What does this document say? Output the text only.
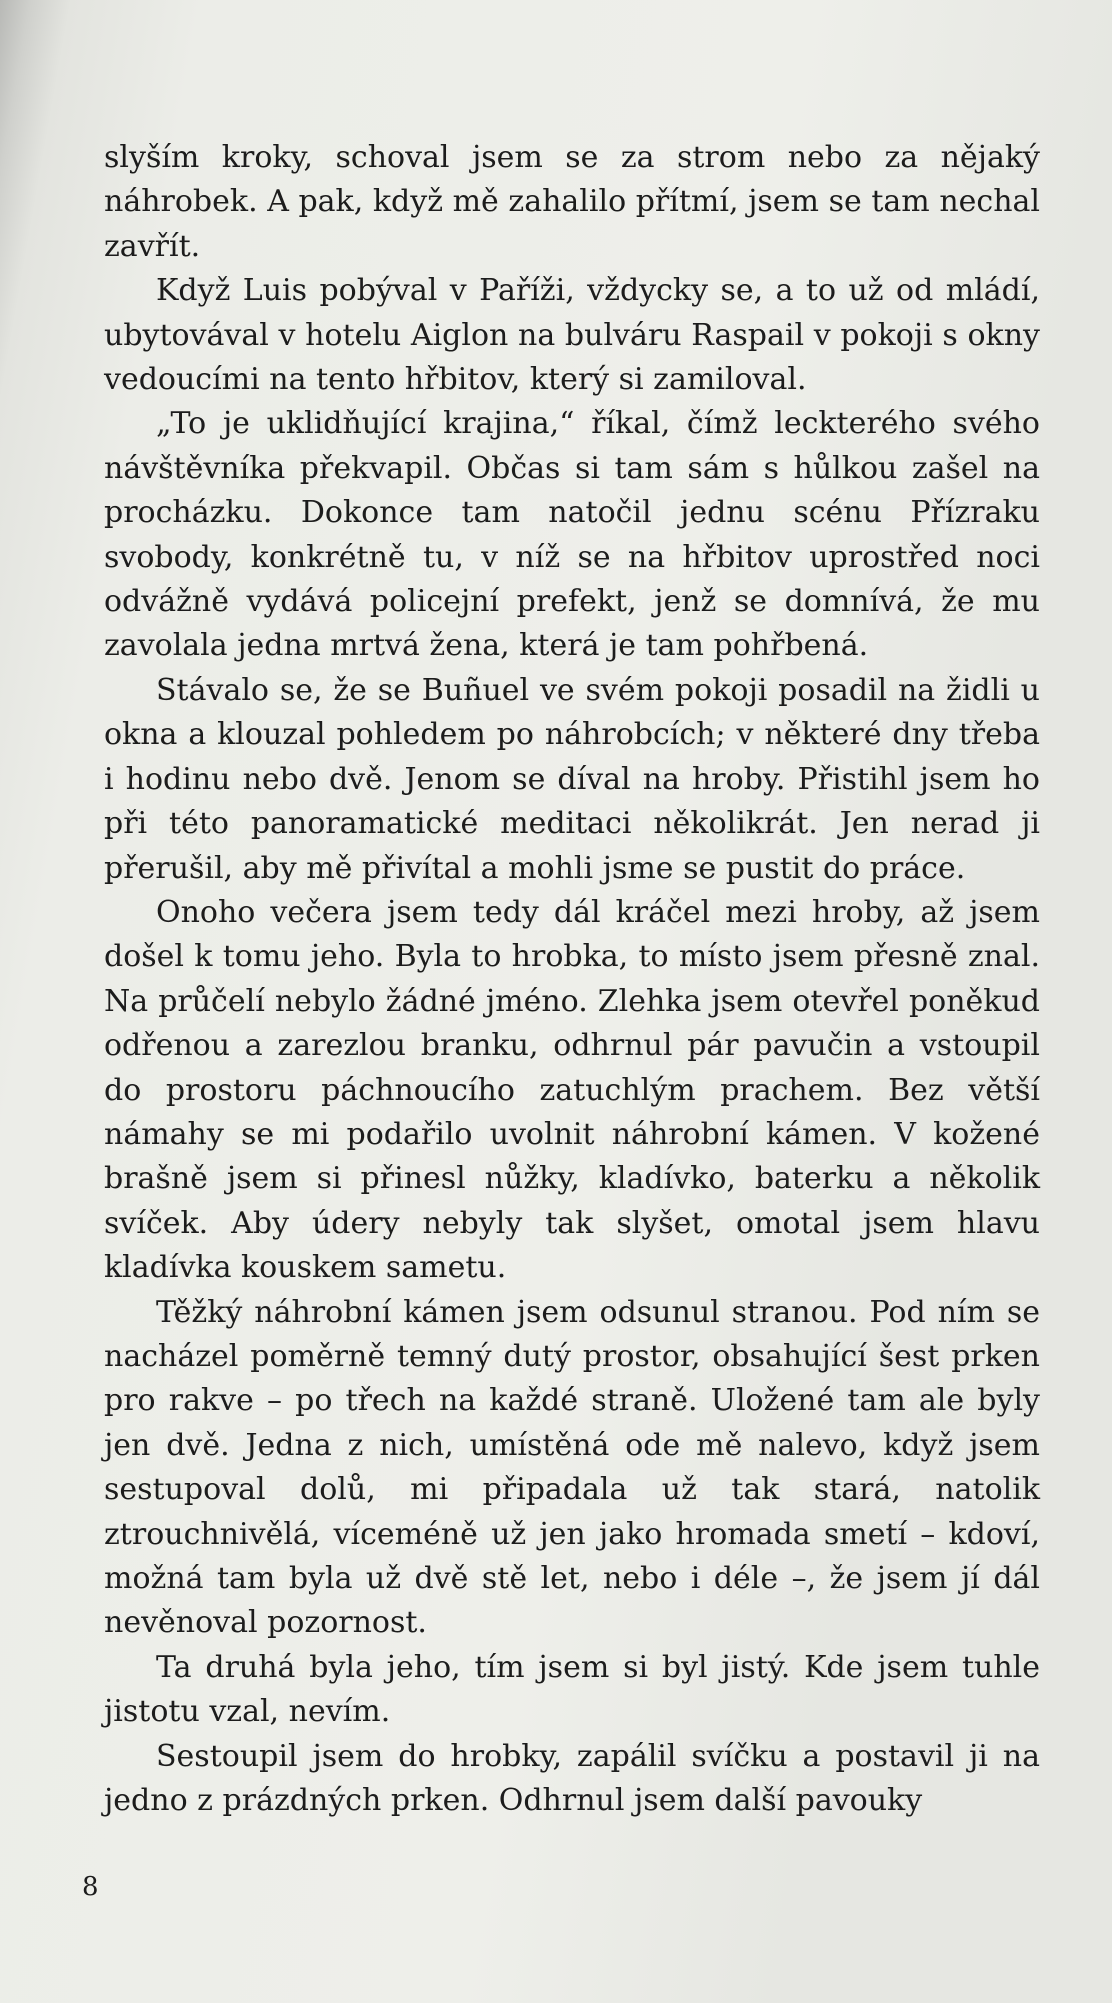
slyším kroky, schoval jsem se za strom nebo za nějaký náhrobek. A pak, když mě zahalilo přítmí, jsem se tam nechal zavřít.

Když Luis pobýval v Paříži, vždycky se, a to už od mládí, ubytovával v hotelu Aiglon na bulváru Raspail v pokoji s okny vedoucími na tento hřbitov, který si zamiloval.

„To je uklidňující krajina,“ říkal, čímž leckterého svého návštěvníka překvapil. Občas si tam sám s hůlkou zašel na procházku. Dokonce tam natočil jednu scénu Přízraku svobody, konkrétně tu, v níž se na hřbitov uprostřed noci odvážně vydává policejní prefekt, jenž se domnívá, že mu zavolala jedna mrtvá žena, která je tam pohřbená.

Stávalo se, že se Buñuel ve svém pokoji posadil na židli u okna a klouzal pohledem po náhrobcích; v některé dny třeba i hodinu nebo dvě. Jenom se díval na hroby. Přistihl jsem ho při této panoramatické meditaci několikrát. Jen nerad ji přerušil, aby mě přivítal a mohli jsme se pustit do práce.

Onoho večera jsem tedy dál kráčel mezi hroby, až jsem došel k tomu jeho. Byla to hrobka, to místo jsem přesně znal. Na průčelí nebylo žádné jméno. Zlehka jsem otevřel poněkud odřenou a zarezlou branku, odhrnul pár pavučin a vstoupil do prostoru páchnoucího zatuchlým prachem. Bez větší námahy se mi podařilo uvolnit náhrobní kámen. V kožené brašně jsem si přinesl nůžky, kladívko, baterku a několik svíček. Aby údery nebyly tak slyšet, omotal jsem hlavu kladívka kouskem sametu.

Těžký náhrobní kámen jsem odsunul stranou. Pod ním se nacházel poměrně temný dutý prostor, obsahující šest prken pro rakve – po třech na každé straně. Uložené tam ale byly jen dvě. Jedna z nich, umístěná ode mě nalevo, když jsem sestupoval dolů, mi připadala už tak stará, natolik ztrouchnivělá, víceméně už jen jako hromada smetí – kdoví, možná tam byla už dvě stě let, nebo i déle –, že jsem jí dál nevěnoval pozornost.

Ta druhá byla jeho, tím jsem si byl jistý. Kde jsem tuhle jistotu vzal, nevím.

Sestoupil jsem do hrobky, zapálil svíčku a postavil ji na jedno z prázdných prken. Odhrnul jsem další pavouky

8
